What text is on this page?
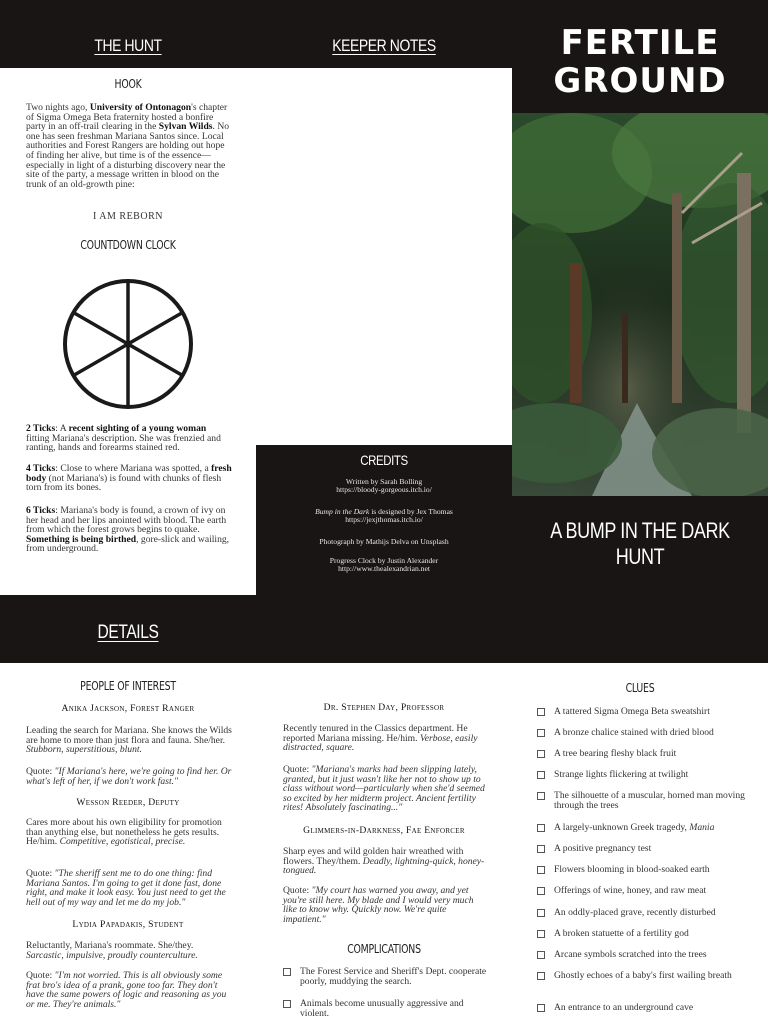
THE HUNT	KEEPER NOTES	FERTILE
GROUND
A BUMP IN THE DARK HUNT
HOOK
Two nights ago, University of Ontonagon's chapter of Sigma Omega Beta fraternity hosted a bonfire party in an off-trail clearing in the Sylvan Wilds. No one has seen freshman Mariana Santos since. Local authorities and Forest Rangers are holding out hope of finding her alive, but time is of the essence—especially in light of a disturbing discovery near the site of the party, a message written in blood on the trunk of an old-growth pine:
I AM REBORN
COUNTDOWN CLOCK
2 Ticks: A recent sighting of a young woman fitting Mariana's description. She was frenzied and ranting, hands and forearms stained red.
4 Ticks: Close to where Mariana was spotted, a fresh body (not Mariana's) is found with chunks of flesh torn from its bones.
6 Ticks: Mariana's body is found, a crown of ivy on her head and her lips anointed with blood. The earth from which the forest grows begins to quake. Something is being birthed, gore-slick and wailing, from underground.
CREDITS
Written by Sarah Bolling
https://bloody-gorgeous.itch.io/
Bump in the Dark is designed by Jex Thomas
https://jexjthomas.itch.io/
Photograph by Mathijs Delva on Unsplash
Progress Clock by Justin Alexander
http://www.thealexandrian.net
DETAILS
PEOPLE OF INTEREST
Anika Jackson, Forest Ranger
Leading the search for Mariana. She knows the Wilds are home to more than just flora and fauna. She/her. Stubborn, superstitious, blunt.
Quote: "If Mariana's here, we're going to find her. Or what's left of her, if we don't work fast."
Wesson Reeder, Deputy
Cares more about his own eligibility for promotion than anything else, but nonetheless he gets results. He/him. Competitive, egotistical, precise.
Quote: "The sheriff sent me to do one thing: find Mariana Santos. I'm going to get it done fast, done right, and make it look easy. You just need to get the hell out of my way and let me do my job."
Lydia Papadakis, Student
Reluctantly, Mariana's roommate. She/they. Sarcastic, impulsive, proudly counterculture.
Quote: "I'm not worried. This is all obviously some frat bro's idea of a prank, gone too far. They don't have the same powers of logic and reasoning as you or me. They're animals."
Dr. Stephen Day, Professor
Recently tenured in the Classics department. He reported Mariana missing. He/him. Verbose, easily distracted, square.
Quote: "Mariana's marks had been slipping lately, granted, but it just wasn't like her not to show up to class without word—particularly when she'd seemed so excited by her midterm project. Ancient fertility rites! Absolutely fascinating..."
Glimmers-in-Darkness, Fae Enforcer
Sharp eyes and wild golden hair wreathed with flowers. They/them. Deadly, lightning-quick, honey-tongued.
Quote: "My court has warned you away, and yet you're still here. My blade and I would very much like to know why. Quickly now. We're quite impatient."
COMPLICATIONS
The Forest Service and Sheriff's Dept. cooperate poorly, muddying the search.
Animals become unusually aggressive and violent.
CLUES
A tattered Sigma Omega Beta sweatshirt
A bronze chalice stained with dried blood
A tree bearing fleshy black fruit
Strange lights flickering at twilight
The silhouette of a muscular, horned man moving through the trees
A largely-unknown Greek tragedy, Mania
A positive pregnancy test
Flowers blooming in blood-soaked earth
Offerings of wine, honey, and raw meat
An oddly-placed grave, recently disturbed
A broken statuette of a fertility god
Arcane symbols scratched into the trees
Ghostly echoes of a baby's first wailing breath
An entrance to an underground cave
